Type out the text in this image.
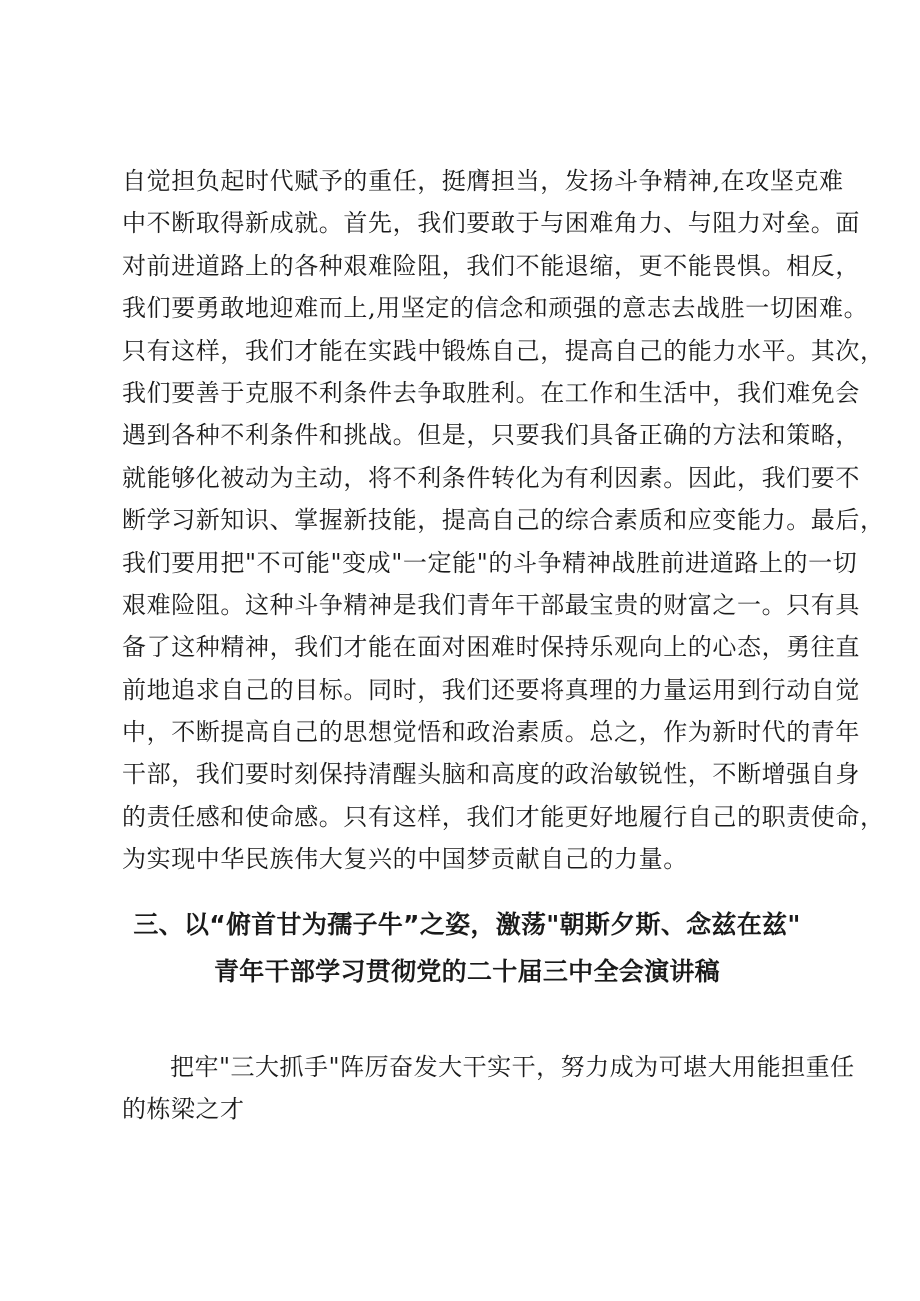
自觉担负起时代赋予的重任，挺膺担当，发扬斗争精神,在攻坚克难
中不断取得新成就。首先，我们要敢于与困难角力、与阻力对垒。面
对前进道路上的各种艰难险阻，我们不能退缩，更不能畏惧。相反，
我们要勇敢地迎难而上,用坚定的信念和顽强的意志去战胜一切困难。
只有这样，我们才能在实践中锻炼自己，提高自己的能力水平。其次，
我们要善于克服不利条件去争取胜利。在工作和生活中，我们难免会
遇到各种不利条件和挑战。但是，只要我们具备正确的方法和策略，
就能够化被动为主动，将不利条件转化为有利因素。因此，我们要不
断学习新知识、掌握新技能，提高自己的综合素质和应变能力。最后，
我们要用把"不可能"变成"一定能"的斗争精神战胜前进道路上的一切
艰难险阻。这种斗争精神是我们青年干部最宝贵的财富之一。只有具
备了这种精神，我们才能在面对困难时保持乐观向上的心态，勇往直
前地追求自己的目标。同时，我们还要将真理的力量运用到行动自觉
中，不断提高自己的思想觉悟和政治素质。总之，作为新时代的青年
干部，我们要时刻保持清醒头脑和高度的政治敏锐性，不断增强自身
的责任感和使命感。只有这样，我们才能更好地履行自己的职责使命，
为实现中华民族伟大复兴的中国梦贡献自己的力量。
三、以“俯首甘为孺子牛”之姿，激荡"朝斯夕斯、念兹在兹"
青年干部学习贯彻党的二十届三中全会演讲稿
把牢"三大抓手"阵厉奋发大干实干，努力成为可堪大用能担重任
的栋梁之才
